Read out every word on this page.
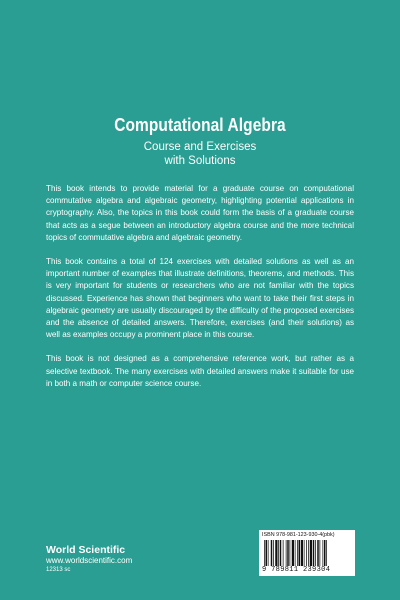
Computational Algebra
Course and Exercises
with Solutions

This book intends to provide material for a graduate course on computational commutative algebra and algebraic geometry, highlighting potential applications in cryptography. Also, the topics in this book could form the basis of a graduate course that acts as a segue between an introductory algebra course and the more technical topics of commutative algebra and algebraic geometry.

This book contains a total of 124 exercises with detailed solutions as well as an important number of examples that illustrate definitions, theorems, and methods. This is very important for students or researchers who are not familiar with the topics discussed. Experience has shown that beginners who want to take their first steps in algebraic geometry are usually discouraged by the difficulty of the proposed exercises and the absence of detailed answers. Therefore, exercises (and their solutions) as well as examples occupy a prominent place in this course.

This book is not designed as a comprehensive reference work, but rather as a selective textbook. The many exercises with detailed answers make it suitable for use in both a math or computer science course.

World Scientific
www.worldscientific.com
12313 sc
ISBN 978-981-123-930-4(pbk)
9 789811 239304
